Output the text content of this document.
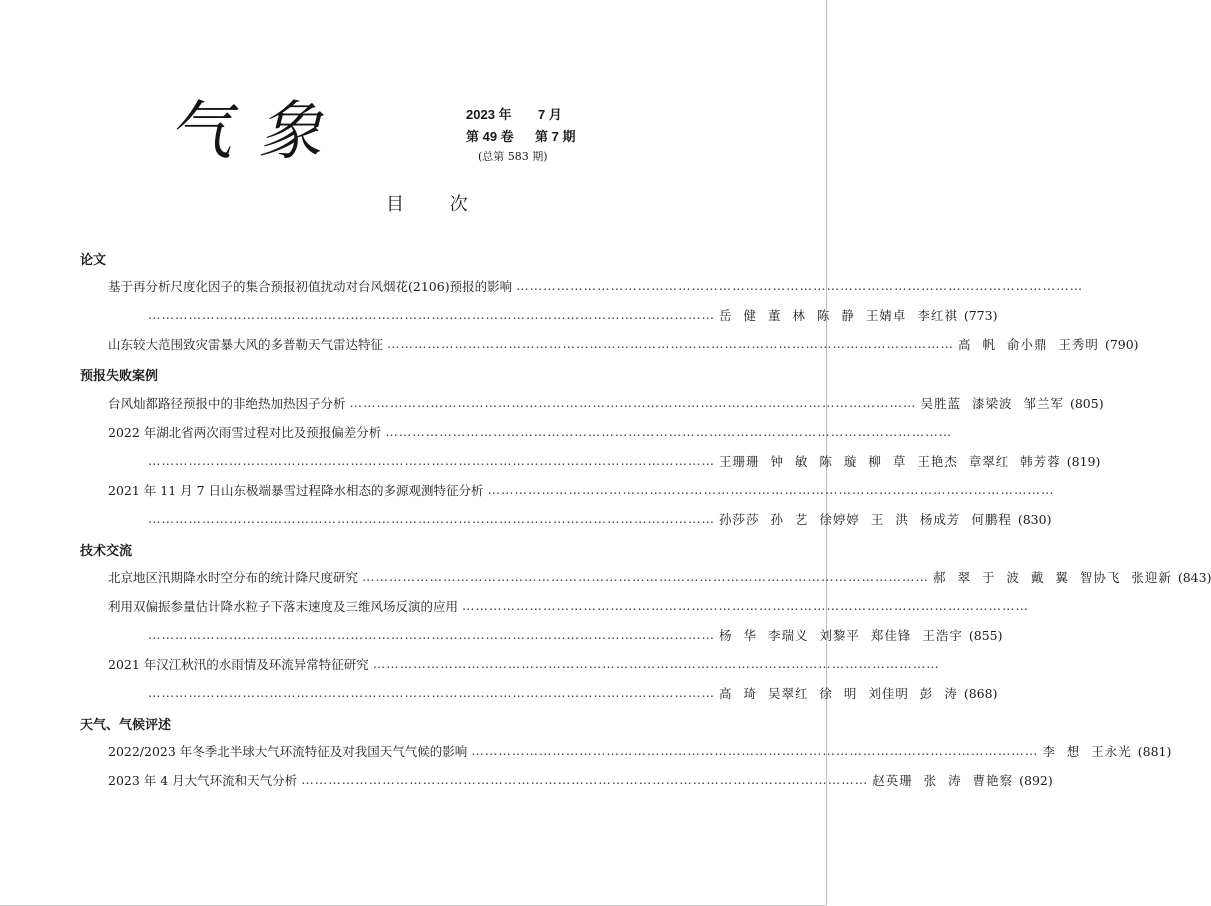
气象	2023 年 7 月
第 49 卷 第 7 期
(总第 583 期)
目 次
论文
基于再分析尺度化因子的集合预报初值扰动对台风烟花(2106)预报的影响 ………………………………………………………………………………………………………………
……………………………………………………………………………………………………………… 岳 健 董 林 陈 静 王婧卓 李红祺 (773)
山东较大范围致灾雷暴大风的多普勒天气雷达特征 ……………………………………………………………………………………………………………… 高 帆 俞小鼎 王秀明 (790)
预报失败案例
台风灿都路径预报中的非绝热加热因子分析 ……………………………………………………………………………………………………………… 吴胜蓝 漆梁波 邹兰军 (805)
2022 年湖北省两次雨雪过程对比及预报偏差分析 ………………………………………………………………………………………………………………
……………………………………………………………………………………………………………… 王珊珊 钟 敏 陈 璇 柳 草 王艳杰 章翠红 韩芳蓉 (819)
2021 年 11 月 7 日山东极端暴雪过程降水相态的多源观测特征分析 ………………………………………………………………………………………………………………
……………………………………………………………………………………………………………… 孙莎莎 孙 艺 徐婷婷 王 洪 杨成芳 何鹏程 (830)
技术交流
北京地区汛期降水时空分布的统计降尺度研究 ……………………………………………………………………………………………………………… 郝 翠 于 波 戴 翼 智协飞 张迎新 (843)
利用双偏振参量估计降水粒子下落末速度及三维风场反演的应用 ………………………………………………………………………………………………………………
……………………………………………………………………………………………………………… 杨 华 李瑞义 刘黎平 郑佳锋 王浩宇 (855)
2021 年汉江秋汛的水雨情及环流异常特征研究 ………………………………………………………………………………………………………………
……………………………………………………………………………………………………………… 高 琦 吴翠红 徐 明 刘佳明 彭 涛 (868)
天气、气候评述
2022/2023 年冬季北半球大气环流特征及对我国天气气候的影响 ……………………………………………………………………………………………………………… 李 想 王永光 (881)
2023 年 4 月大气环流和天气分析 ……………………………………………………………………………………………………………… 赵英珊 张 涛 曹艳察 (892)
